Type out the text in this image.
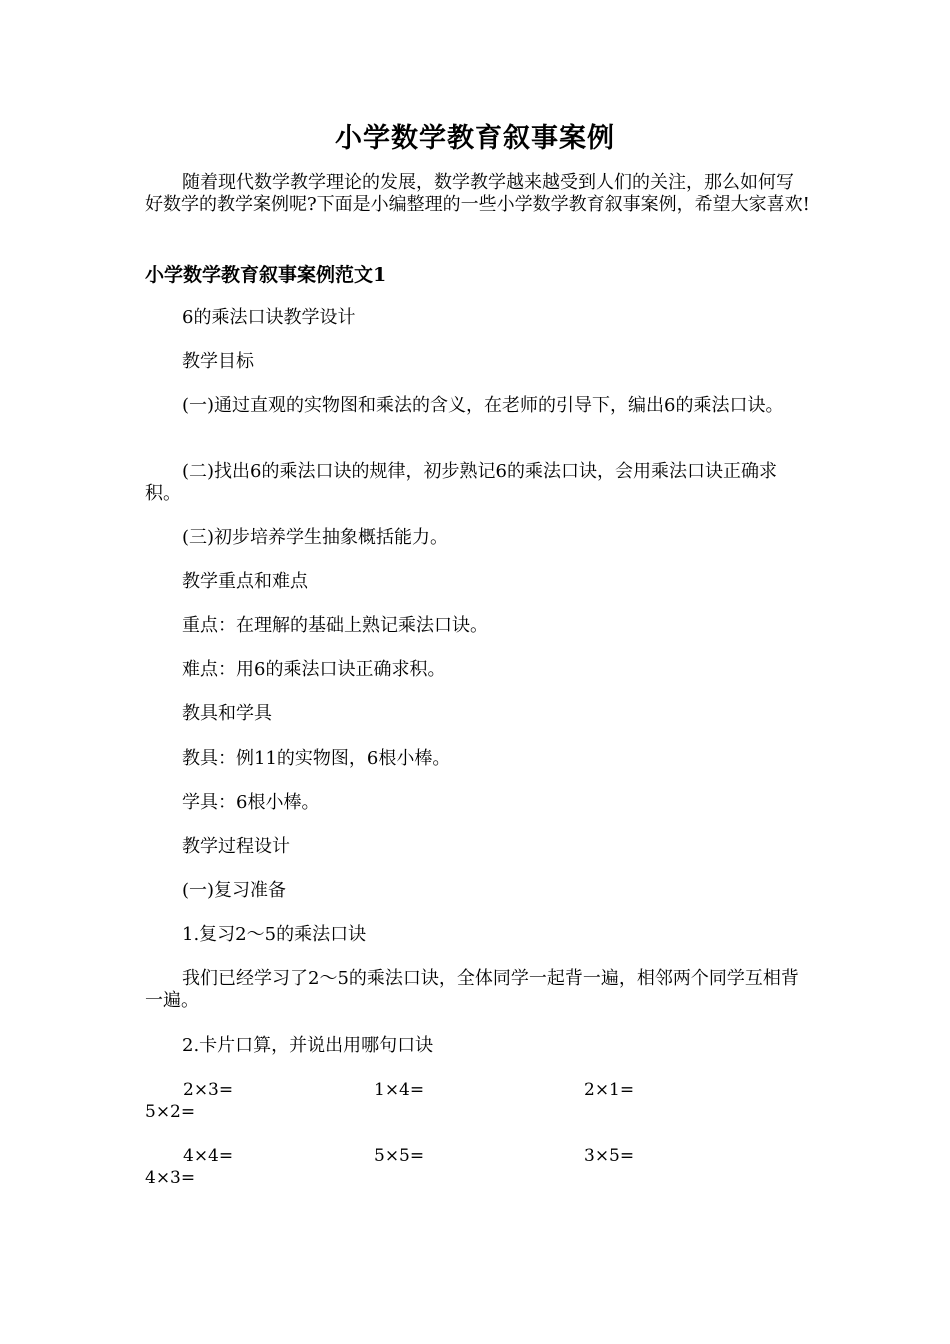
小学数学教育叙事案例

随着现代数学教学理论的发展，数学教学越来越受到人们的关注，那么如何写好数学的教学案例呢?下面是小编整理的一些小学数学教育叙事案例，希望大家喜欢!

小学数学教育叙事案例范文1

6的乘法口诀教学设计

教学目标

(一)通过直观的实物图和乘法的含义，在老师的引导下，编出6的乘法口诀。

(二)找出6的乘法口诀的规律，初步熟记6的乘法口诀，会用乘法口诀正确求积。

(三)初步培养学生抽象概括能力。

教学重点和难点

重点：在理解的基础上熟记乘法口诀。

难点：用6的乘法口诀正确求积。

教具和学具

教具：例11的实物图，6根小棒。

学具：6根小棒。

教学过程设计

(一)复习准备

1.复习2～5的乘法口诀

我们已经学习了2～5的乘法口诀，全体同学一起背一遍，相邻两个同学互相背一遍。

2.卡片口算，并说出用哪句口诀

2×3=	1×4=	2×1=
5×2=
4×4=	5×5=	3×5=
4×3=
